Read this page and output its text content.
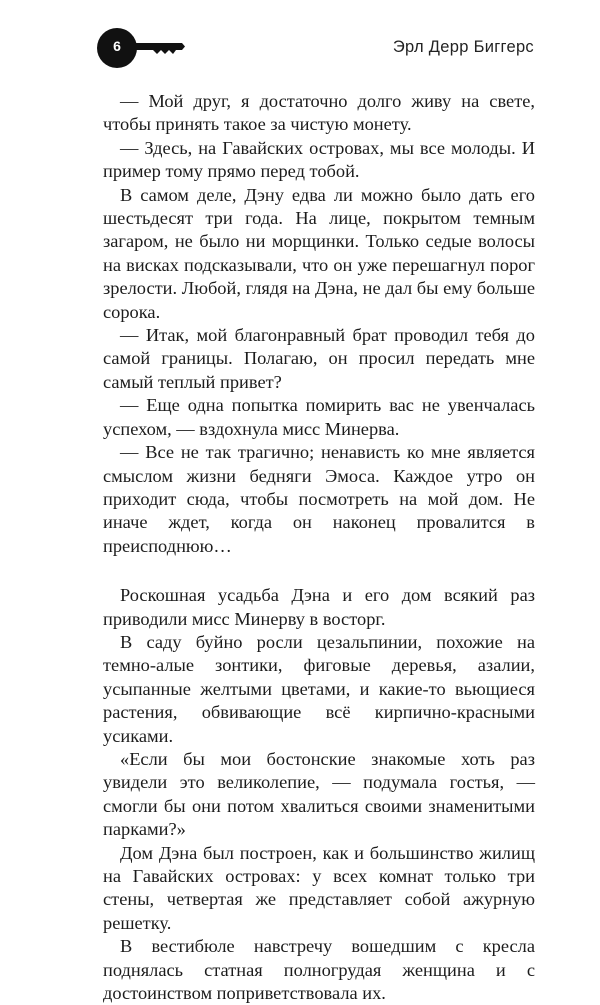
6	Эрл Дерр Биггерс

— Мой друг, я достаточно долго живу на свете, чтобы принять такое за чистую монету.

— Здесь, на Гавайских островах, мы все молоды. И пример тому прямо перед тобой.

В самом деле, Дэну едва ли можно было дать его шестьдесят три года. На лице, покрытом темным загаром, не было ни морщинки. Только седые волосы на висках подсказывали, что он уже перешагнул порог зрелости. Любой, глядя на Дэна, не дал бы ему больше сорока.

— Итак, мой благонравный брат проводил тебя до самой границы. Полагаю, он просил передать мне самый теплый привет?

— Еще одна попытка помирить вас не увенчалась успехом, — вздохнула мисс Минерва.

— Все не так трагично; ненависть ко мне является смыслом жизни бедняги Эмоса. Каждое утро он приходит сюда, чтобы посмотреть на мой дом. Не иначе ждет, когда он наконец провалится в преисподнюю…

Роскошная усадьба Дэна и его дом всякий раз приводили мисс Минерву в восторг.

В саду буйно росли цезальпинии, похожие на темно-алые зонтики, фиговые деревья, азалии, усыпанные желтыми цветами, и какие-то вьющиеся растения, обвивающие всё кирпично-красными усиками.

«Если бы мои бостонские знакомые хоть раз увидели это великолепие, — подумала гостья, — смогли бы они потом хвалиться своими знаменитыми парками?»

Дом Дэна был построен, как и большинство жилищ на Гавайских островах: у всех комнат только три стены, четвертая же представляет собой ажурную решетку.

В вестибюле навстречу вошедшим с кресла поднялась статная полногрудая женщина и с достоинством поприветствовала их.
